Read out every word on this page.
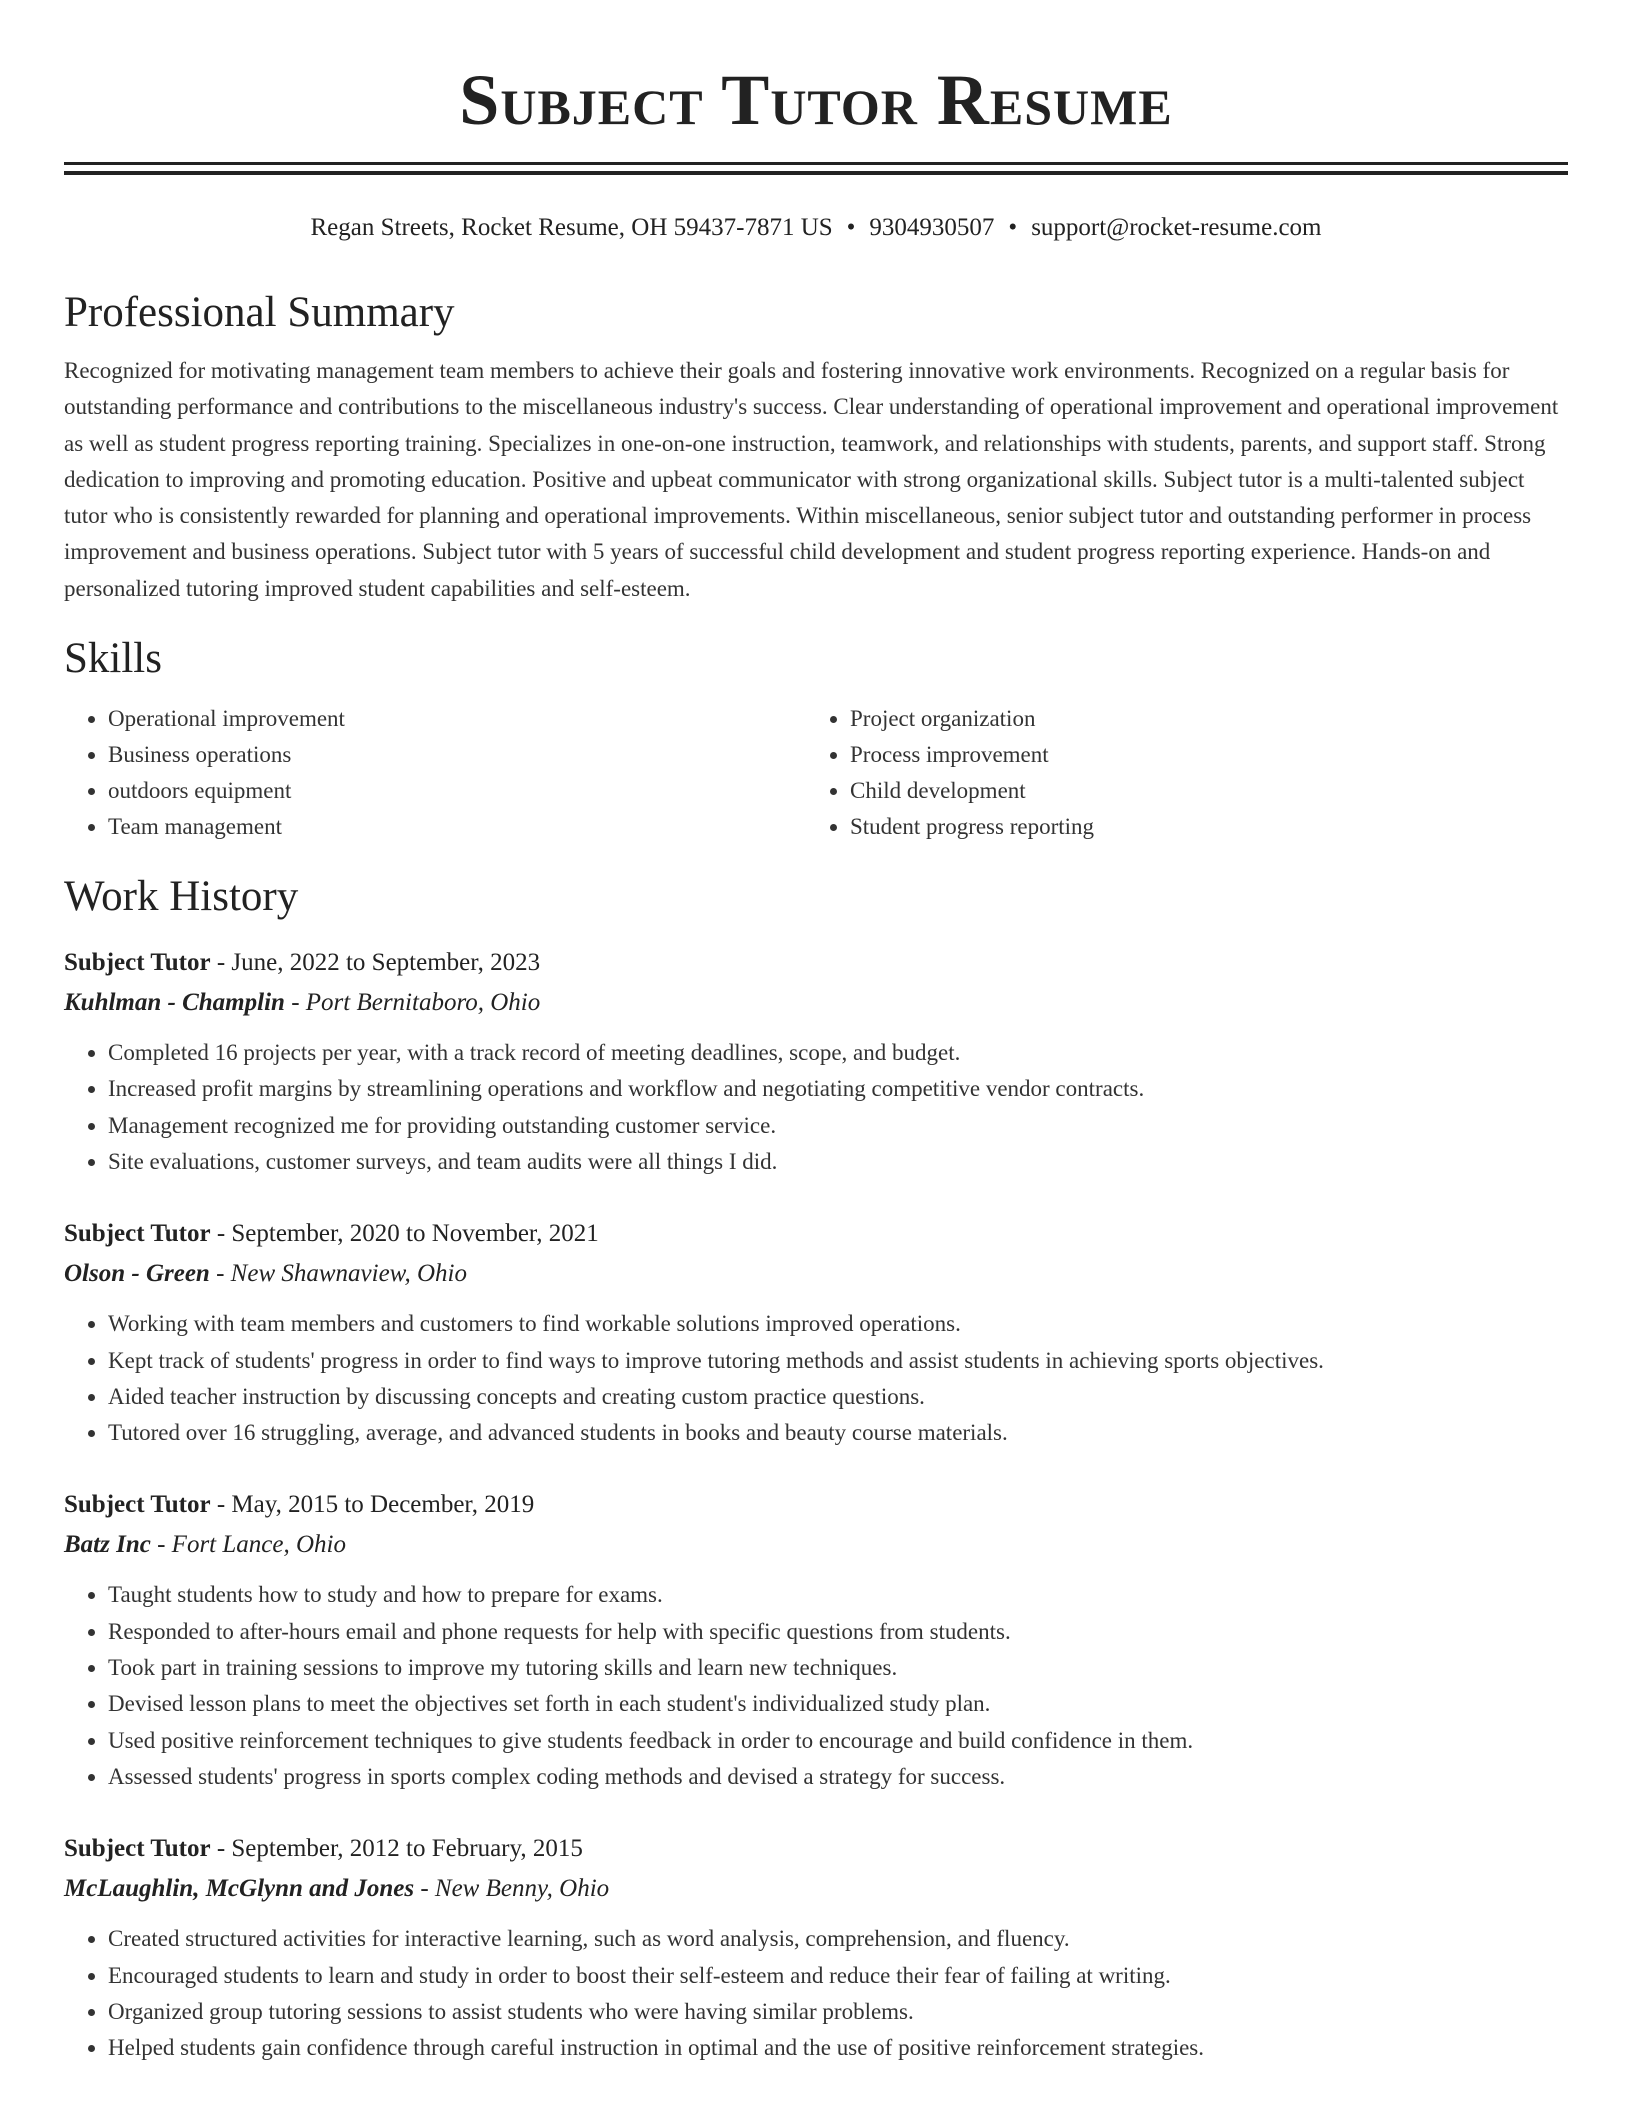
Subject Tutor Resume
Regan Streets, Rocket Resume, OH 59437-7871 US • 9304930507 • support@rocket-resume.com
Professional Summary

Recognized for motivating management team members to achieve their goals and fostering innovative work environments. Recognized on a regular basis for outstanding performance and contributions to the miscellaneous industry's success. Clear understanding of operational improvement and operational improvement as well as student progress reporting training. Specializes in one-on-one instruction, teamwork, and relationships with students, parents, and support staff. Strong dedication to improving and promoting education. Positive and upbeat communicator with strong organizational skills. Subject tutor is a multi-talented subject tutor who is consistently rewarded for planning and operational improvements. Within miscellaneous, senior subject tutor and outstanding performer in process improvement and business operations. Subject tutor with 5 years of successful child development and student progress reporting experience. Hands-on and personalized tutoring improved student capabilities and self-esteem.

Skills
• Operational improvement
• Business operations
• outdoors equipment
• Team management
• Project organization
• Process improvement
• Child development
• Student progress reporting
Work History
Subject Tutor - June, 2022 to September, 2023
Kuhlman - Champlin - Port Bernitaboro, Ohio
• Completed 16 projects per year, with a track record of meeting deadlines, scope, and budget.
• Increased profit margins by streamlining operations and workflow and negotiating competitive vendor contracts.
• Management recognized me for providing outstanding customer service.
• Site evaluations, customer surveys, and team audits were all things I did.
Subject Tutor - September, 2020 to November, 2021
Olson - Green - New Shawnaview, Ohio
• Working with team members and customers to find workable solutions improved operations.
• Kept track of students' progress in order to find ways to improve tutoring methods and assist students in achieving sports objectives.
• Aided teacher instruction by discussing concepts and creating custom practice questions.
• Tutored over 16 struggling, average, and advanced students in books and beauty course materials.
Subject Tutor - May, 2015 to December, 2019
Batz Inc - Fort Lance, Ohio
• Taught students how to study and how to prepare for exams.
• Responded to after-hours email and phone requests for help with specific questions from students.
• Took part in training sessions to improve my tutoring skills and learn new techniques.
• Devised lesson plans to meet the objectives set forth in each student's individualized study plan.
• Used positive reinforcement techniques to give students feedback in order to encourage and build confidence in them.
• Assessed students' progress in sports complex coding methods and devised a strategy for success.
Subject Tutor - September, 2012 to February, 2015
McLaughlin, McGlynn and Jones - New Benny, Ohio
• Created structured activities for interactive learning, such as word analysis, comprehension, and fluency.
• Encouraged students to learn and study in order to boost their self-esteem and reduce their fear of failing at writing.
• Organized group tutoring sessions to assist students who were having similar problems.
• Helped students gain confidence through careful instruction in optimal and the use of positive reinforcement strategies.
